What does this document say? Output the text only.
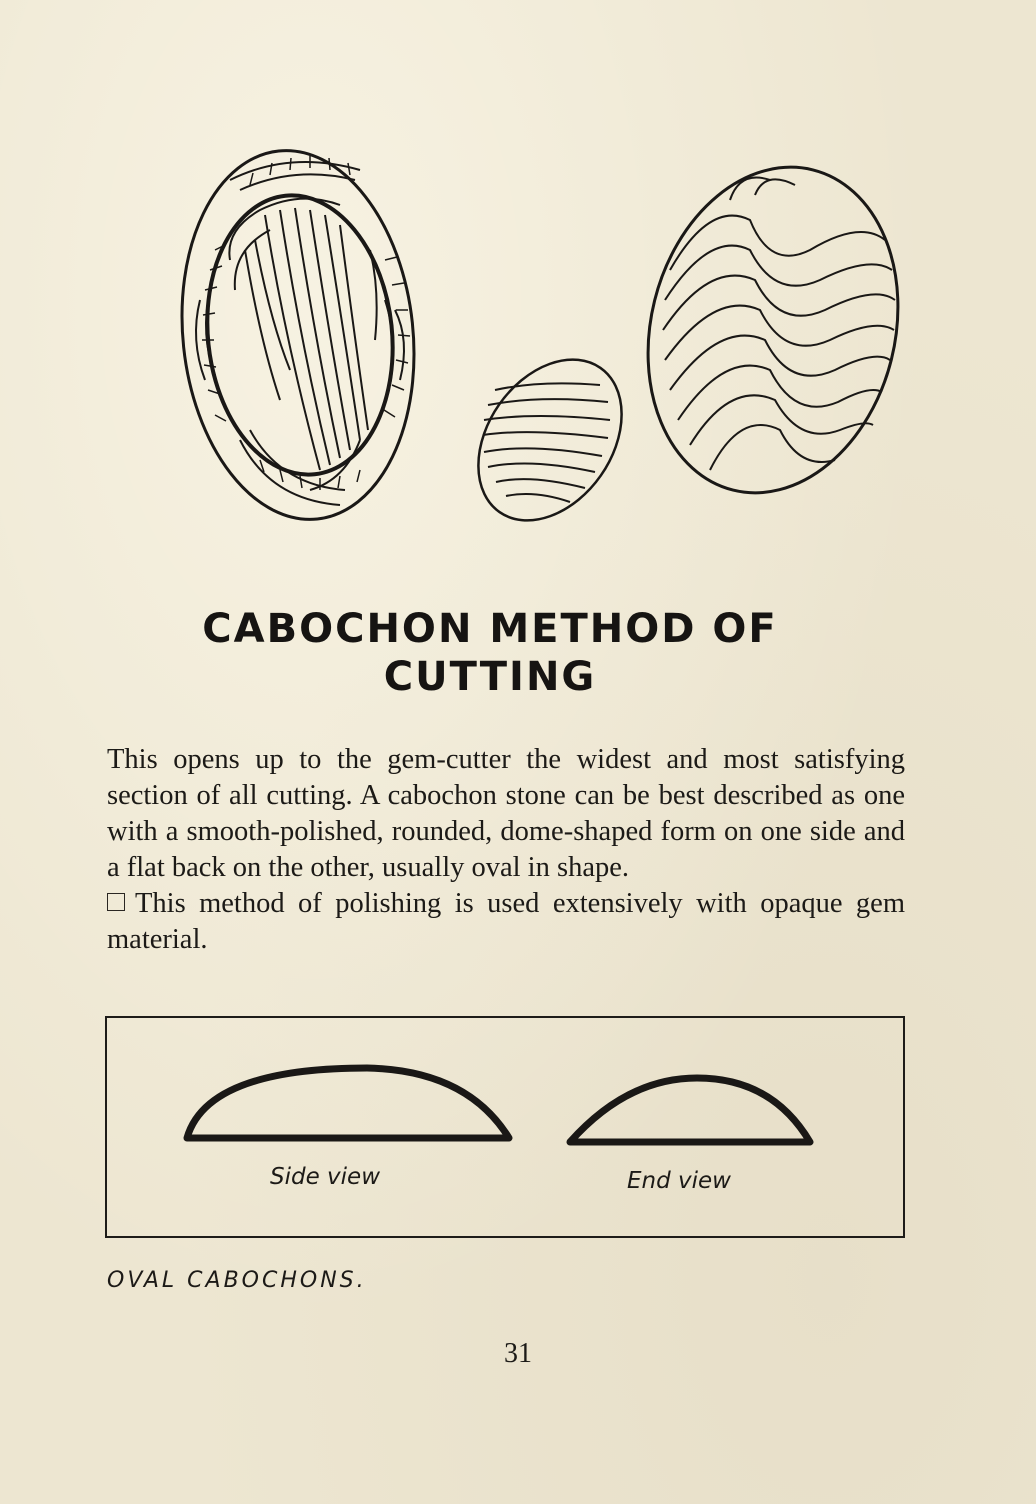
CABOCHON METHOD OF
CUTTING

This opens up to the gem-cutter the widest and most satisfying section of all cutting. A cabochon stone can be best described as one with a smooth-polished, rounded, dome-shaped form on one side and a flat back on the other, usually oval in shape.

This method of polishing is used extensively with opaque gem material.

Side view	End view
OVAL CABOCHONS.
31
